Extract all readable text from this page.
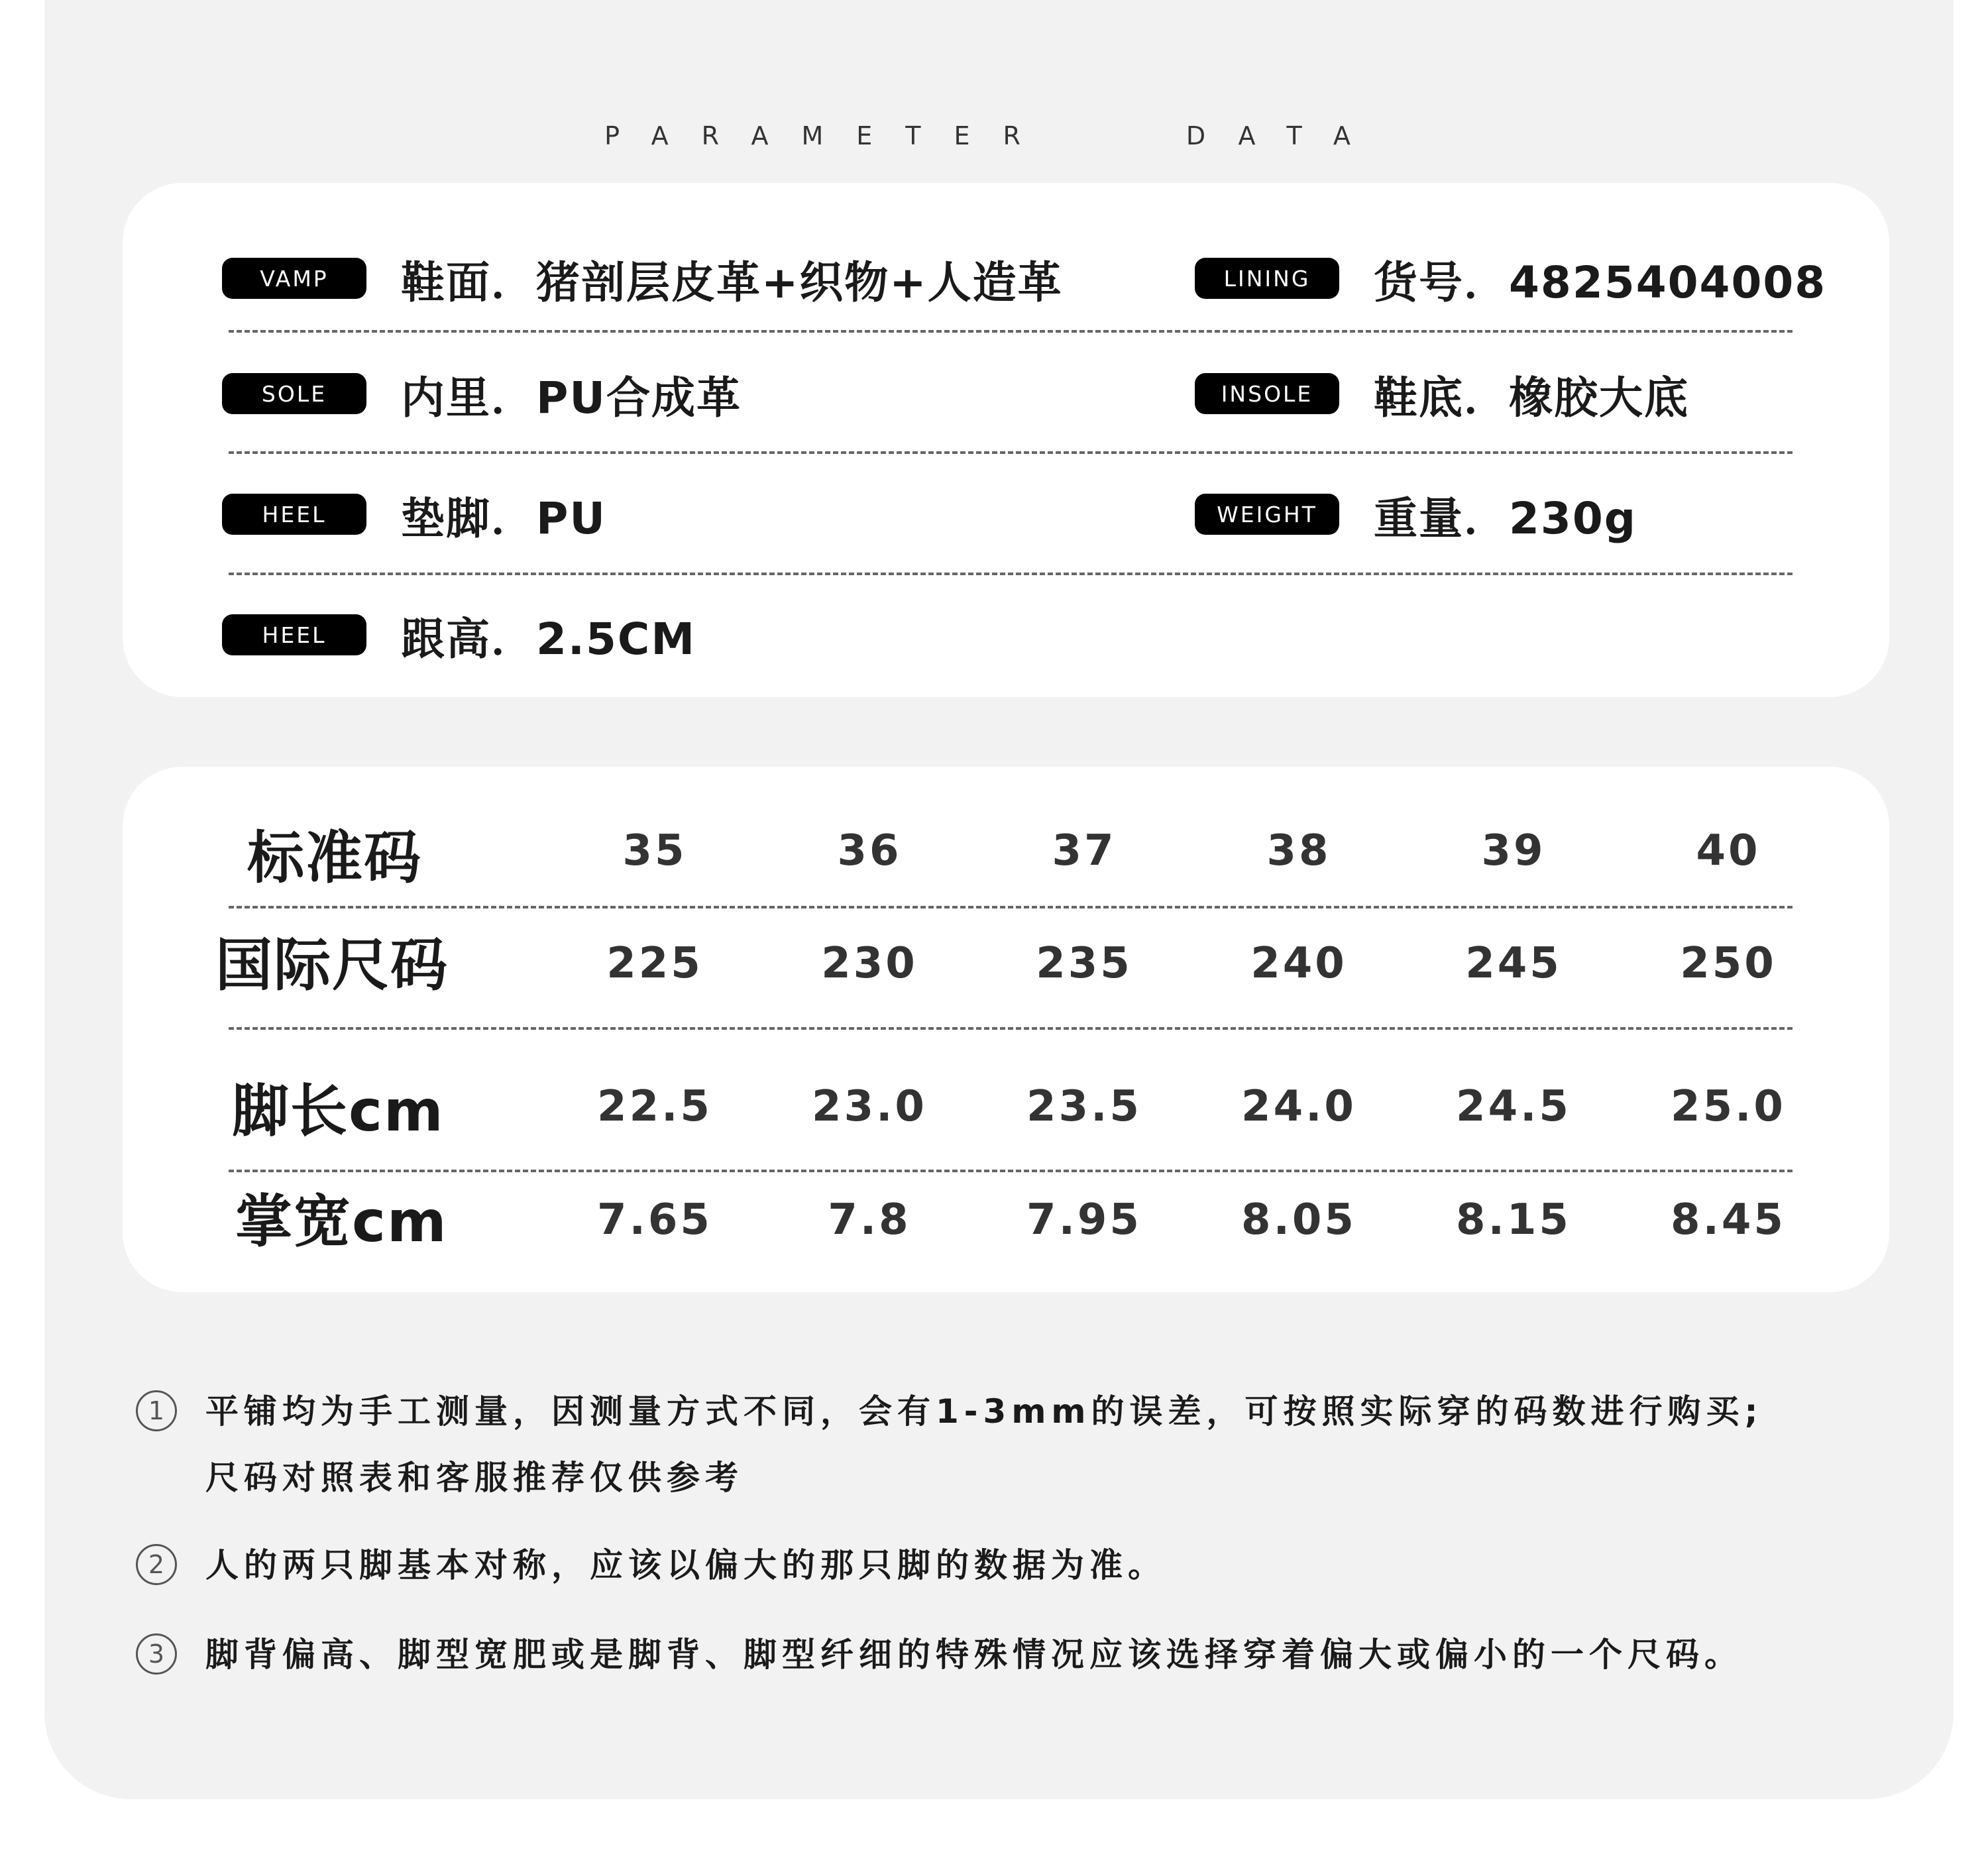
PARAMETER	DATA
VAMP	鞋面．猪剖层皮革+织物+人造革	LINING	货号．4825404008
SOLE	内里．PU合成革	INSOLE	鞋底．橡胶大底
HEEL	垫脚．PU	WEIGHT	重量．230g
HEEL	跟高．2.5CM
标准码	35	36	37	38	39	40
国际尺码	225	230	235	240	245	250
脚长cm	22.5	23.0	23.5	24.0	24.5	25.0
掌宽cm	7.65	7.8	7.95	8.05	8.15	8.45
1	平铺均为手工测量，因测量方式不同，会有1-3mm的误差，可按照实际穿的码数进行购买;
尺码对照表和客服推荐仅供参考
2	人的两只脚基本对称，应该以偏大的那只脚的数据为准。
3	脚背偏高、脚型宽肥或是脚背、脚型纤细的特殊情况应该选择穿着偏大或偏小的一个尺码。
